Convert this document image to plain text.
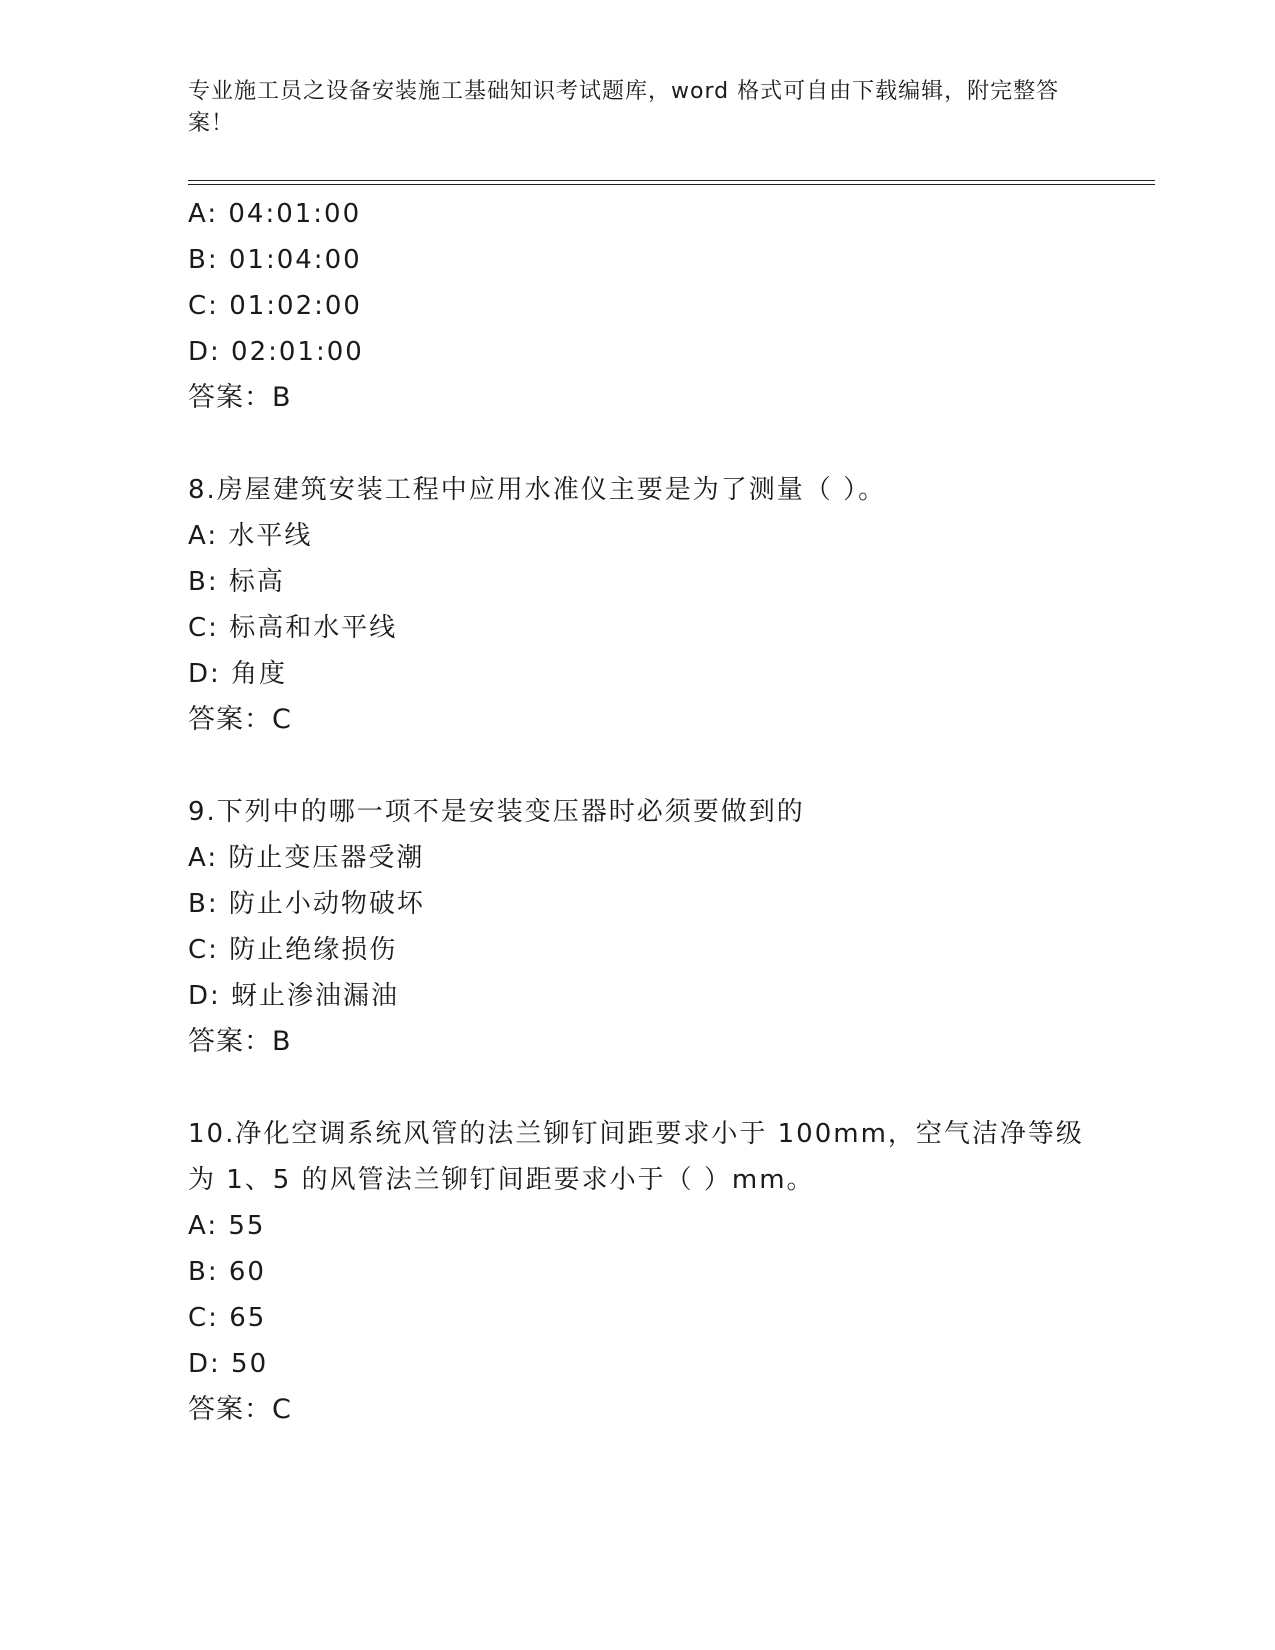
专业施工员之设备安装施工基础知识考试题库，word 格式可自由下载编辑，附完整答案！
A: 04:01:00
B: 01:04:00
C: 01:02:00
D: 02:01:00
答案：B
8.房屋建筑安装工程中应用水准仪主要是为了测量（ ）。
A: 水平线
B: 标高
C: 标高和水平线
D: 角度
答案：C
9.下列中的哪一项不是安装变压器时必须要做到的
A: 防止变压器受潮
B: 防止小动物破坏
C: 防止绝缘损伤
D: 蚜止渗油漏油
答案：B
10.净化空调系统风管的法兰铆钉间距要求小于 100mm，空气洁净等级
为 1、5 的风管法兰铆钉间距要求小于（ ）mm。
A: 55
B: 60
C: 65
D: 50
答案：C
